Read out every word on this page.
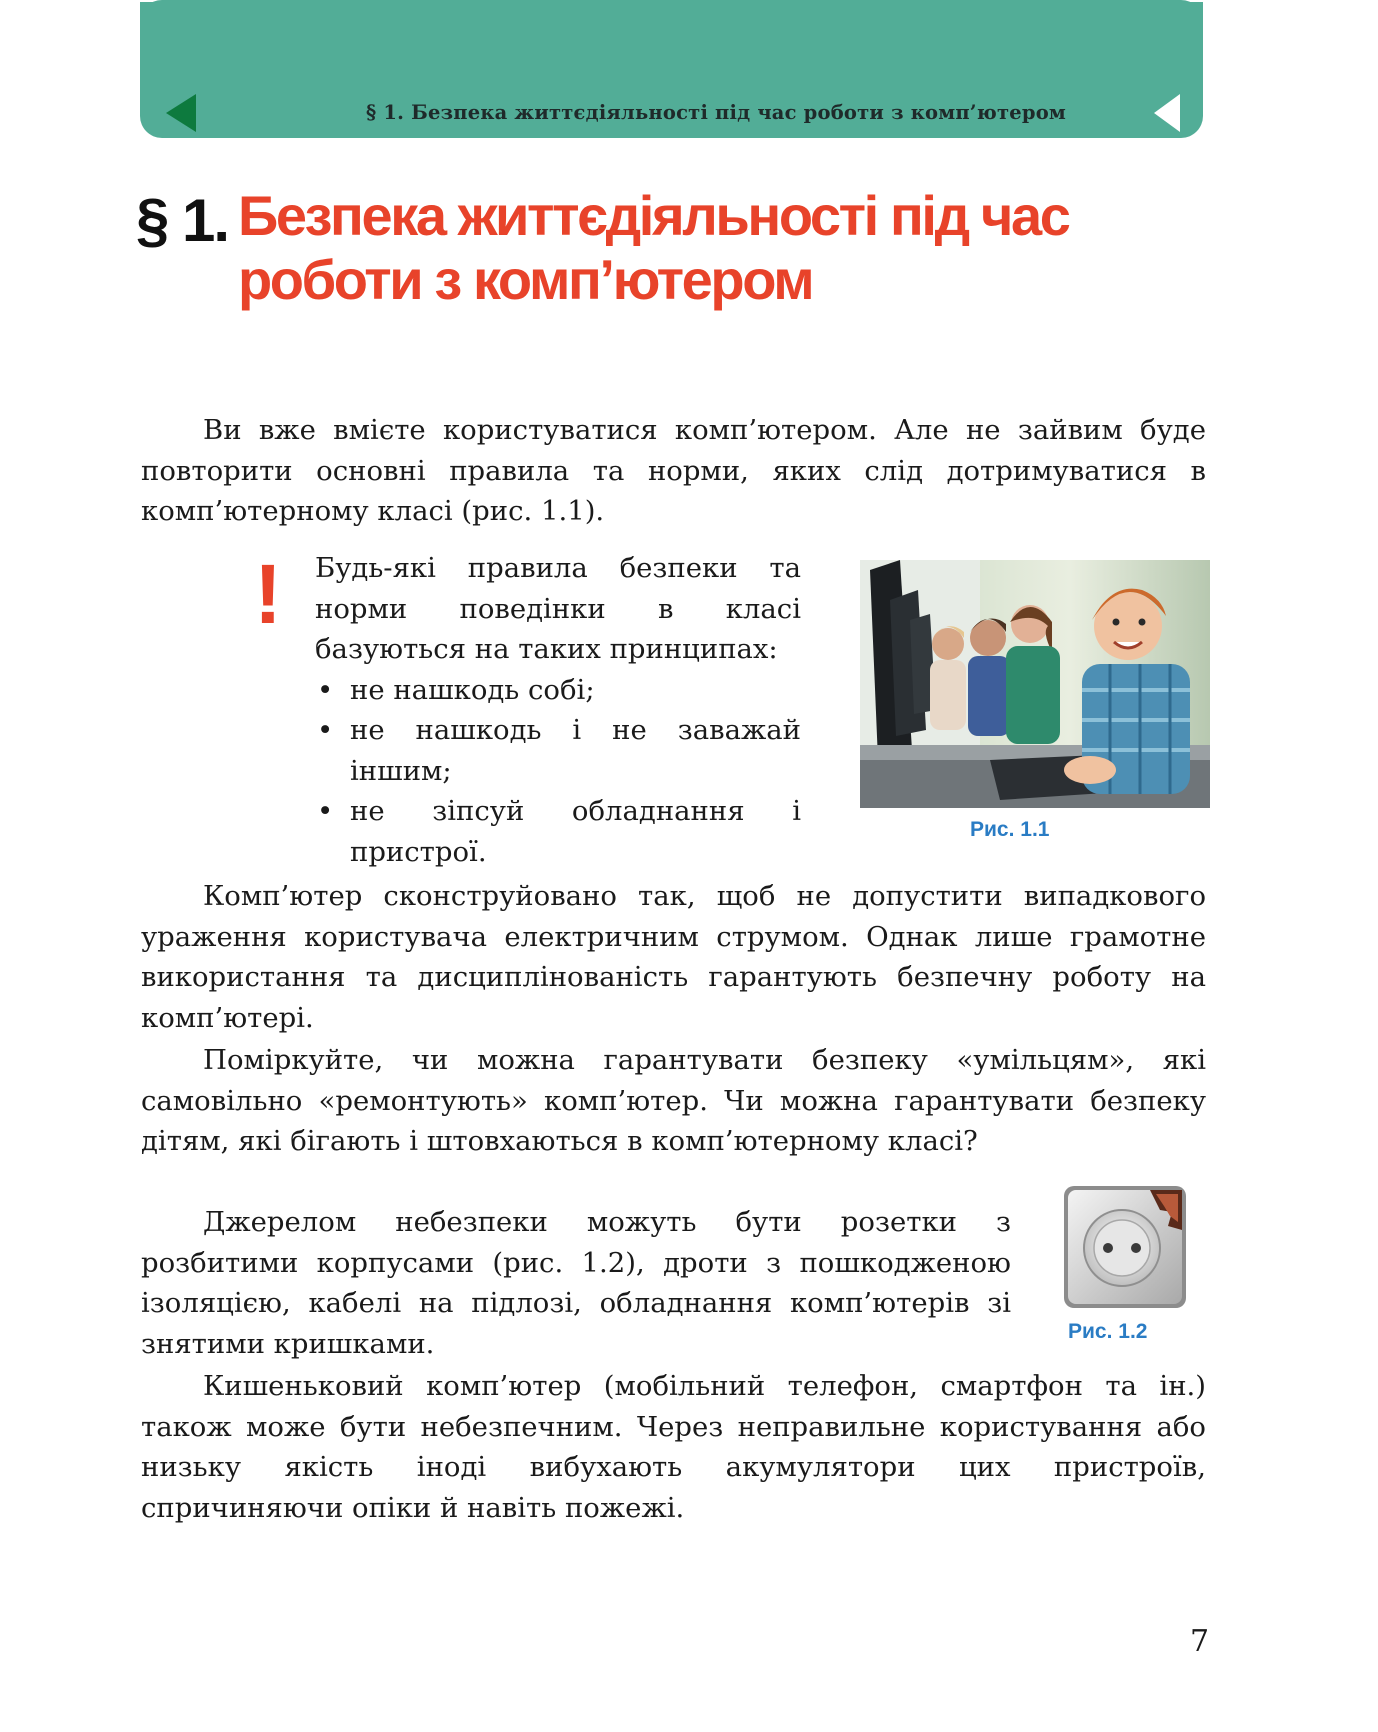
§ 1. Безпека життєдіяльності під час роботи з комп’ютером
§ 1. Безпека життєдіяльності під час роботи з комп’ютером

Ви вже вмієте користуватися комп’ютером. Але не зайвим буде повторити основні правила та норми, яких слід дотримуватися в комп’ютерному класі (рис. 1.1).

! Будь-які правила безпеки та норми поведінки в класі базуються на таких принципах:
• не нашкодь собі;
• не нашкодь і не заважай іншим;
• не зіпсуй обладнання і пристрої.
Рис. 1.1

Комп’ютер сконструйовано так, щоб не допустити випадкового ураження користувача електричним струмом. Однак лише грамотне використання та дисциплінованість гарантують безпечну роботу на комп’ютері.

Поміркуйте, чи можна гарантувати безпеку «умільцям», які самовільно «ремонтують» комп’ютер. Чи можна гарантувати безпеку дітям, які бігають і штовхаються в комп’ютерному класі?

Джерелом небезпеки можуть бути розетки з розбитими корпусами (рис. 1.2), дроти з пошкодженою ізоляцією, кабелі на підлозі, обладнання комп’ютерів зі знятими кришками.	Рис. 1.2

Кишеньковий комп’ютер (мобільний телефон, смартфон та ін.) також може бути небезпечним. Через неправильне користування або низьку якість іноді вибухають акумулятори цих пристроїв, спричиняючи опіки й навіть пожежі.

7
